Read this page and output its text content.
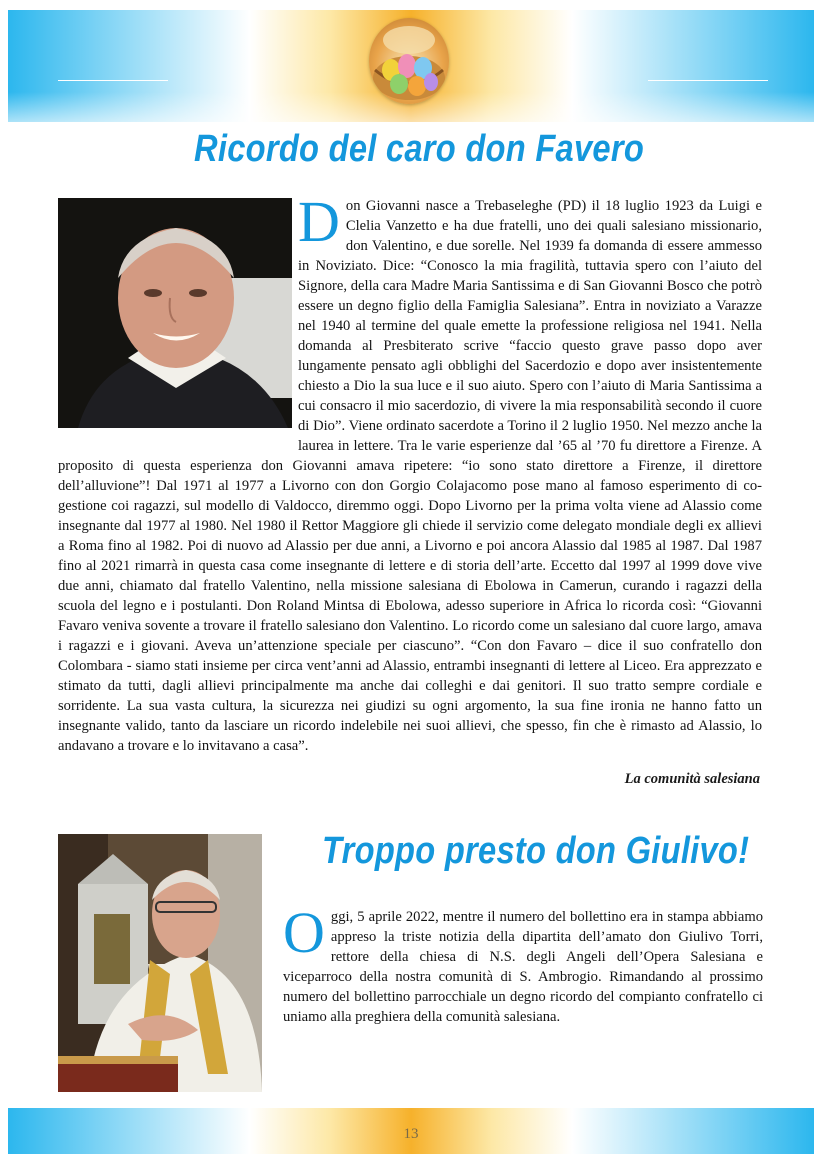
Ricordo del caro don Favero
Don Giovanni nasce a Trebaseleghe (PD) il 18 luglio 1923 da Luigi e Clelia Vanzetto e ha due fratelli, uno dei quali salesiano missionario, don Valentino, e due sorelle. Nel 1939 fa domanda di essere ammesso in Noviziato. Dice: “Conosco la mia fragilità, tuttavia spero con l’aiuto del Signore, della cara Madre Maria Santissima e di San Giovanni Bosco che potrò essere un degno figlio della Famiglia Salesiana”. Entra in noviziato a Varazze nel 1940 al termine del quale emette la professione religiosa nel 1941. Nella domanda al Presbiterato scrive “faccio questo grave passo dopo aver lungamente pensato agli obblighi del Sacerdozio e dopo aver insistentemente chiesto a Dio la sua luce e il suo aiuto. Spero con l’aiuto di Maria Santissima a cui consacro il mio sacerdozio, di vivere la mia responsabilità secondo il cuore di Dio”. Viene ordinato sacerdote a Torino il 2 luglio 1950. Nel mezzo anche la laurea in lettere. Tra le varie esperienze dal ’65 al ’70 fu direttore a Firenze. A proposito di questa esperienza don Giovanni amava ripetere: “io sono stato direttore a Firenze, il direttore dell’alluvione”! Dal 1971 al 1977 a Livorno con don Gorgio Colajacomo pose mano al famoso esperimento di co-gestione coi ragazzi, sul modello di Valdocco, diremmo oggi. Dopo Livorno per la prima volta viene ad Alassio come insegnante dal 1977 al 1980. Nel 1980 il Rettor Maggiore gli chiede il servizio come delegato mondiale degli ex allievi a Roma fino al 1982. Poi di nuovo ad Alassio per due anni, a Livorno e poi ancora Alassio dal 1985 al 1987. Dal 1987 fino al 2021 rimarrà in questa casa come insegnante di lettere e di storia dell’arte. Eccetto dal 1997 al 1999 dove vive due anni, chiamato dal fratello Valentino, nella missione salesiana di Ebolowa in Camerun, curando i ragazzi della scuola del legno e i postulanti. Don Roland Mintsa di Ebolowa, adesso superiore in Africa lo ricorda così: “Giovanni Favaro veniva sovente a trovare il fratello salesiano don Valentino. Lo ricordo come un salesiano dal cuore largo, amava i ragazzi e i giovani. Aveva un’attenzione speciale per ciascuno”. “Con don Favaro – dice il suo confratello don Colombara - siamo stati insieme per circa vent’anni ad Alassio, entrambi insegnanti di lettere al Liceo. Era apprezzato e stimato da tutti, dagli allievi principalmente ma anche dai colleghi e dai genitori. Il suo tratto sempre cordiale e sorridente. La sua vasta cultura, la sicurezza nei giudizi su ogni argomento, la sua fine ironia ne hanno fatto un insegnante valido, tanto da lasciare un ricordo indelebile nei suoi allievi, che spesso, fin che è rimasto ad Alassio, lo andavano a trovare e lo invitavano a casa”.

La comunità salesiana

Troppo presto don Giulivo!
Oggi, 5 aprile 2022, mentre il numero del bollettino era in stampa abbiamo appreso la triste notizia della dipartita dell’amato don Giulivo Torri, rettore della chiesa di N.S. degli Angeli dell’Opera Salesiana e viceparroco della nostra comunità di S. Ambrogio. Rimandando al prossimo numero del bollettino parrocchiale un degno ricordo del compianto confratello ci uniamo alla preghiera della comunità salesiana.
13
